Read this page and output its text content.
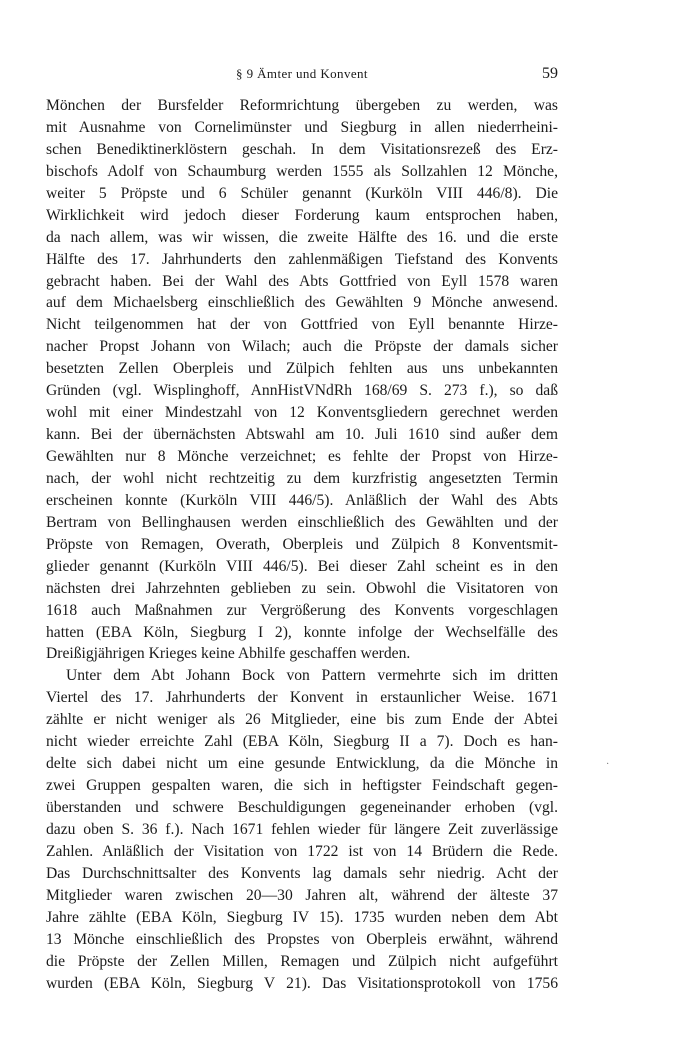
§ 9 Ämter und Konvent	59
Mönchen der Bursfelder Reformrichtung übergeben zu werden, was
mit Ausnahme von Cornelimünster und Siegburg in allen niederrheini-
schen Benediktinerklöstern geschah. In dem Visitationsrezeß des Erz-
bischofs Adolf von Schaumburg werden 1555 als Sollzahlen 12 Mönche,
weiter 5 Pröpste und 6 Schüler genannt (Kurköln VIII 446/8). Die
Wirklichkeit wird jedoch dieser Forderung kaum entsprochen haben,
da nach allem, was wir wissen, die zweite Hälfte des 16. und die erste
Hälfte des 17. Jahrhunderts den zahlenmäßigen Tiefstand des Konvents
gebracht haben. Bei der Wahl des Abts Gottfried von Eyll 1578 waren
auf dem Michaelsberg einschließlich des Gewählten 9 Mönche anwesend.
Nicht teilgenommen hat der von Gottfried von Eyll benannte Hirze-
nacher Propst Johann von Wilach; auch die Pröpste der damals sicher
besetzten Zellen Oberpleis und Zülpich fehlten aus uns unbekannten
Gründen (vgl. Wisplinghoff, AnnHistVNdRh 168/69 S. 273 f.), so daß
wohl mit einer Mindestzahl von 12 Konventsgliedern gerechnet werden
kann. Bei der übernächsten Abtswahl am 10. Juli 1610 sind außer dem
Gewählten nur 8 Mönche verzeichnet; es fehlte der Propst von Hirze-
nach, der wohl nicht rechtzeitig zu dem kurzfristig angesetzten Termin
erscheinen konnte (Kurköln VIII 446/5). Anläßlich der Wahl des Abts
Bertram von Bellinghausen werden einschließlich des Gewählten und der
Pröpste von Remagen, Overath, Oberpleis und Zülpich 8 Konventsmit-
glieder genannt (Kurköln VIII 446/5). Bei dieser Zahl scheint es in den
nächsten drei Jahrzehnten geblieben zu sein. Obwohl die Visitatoren von
1618 auch Maßnahmen zur Vergrößerung des Konvents vorgeschlagen
hatten (EBA Köln, Siegburg I 2), konnte infolge der Wechselfälle des
Dreißigjährigen Krieges keine Abhilfe geschaffen werden.
Unter dem Abt Johann Bock von Pattern vermehrte sich im dritten
Viertel des 17. Jahrhunderts der Konvent in erstaunlicher Weise. 1671
zählte er nicht weniger als 26 Mitglieder, eine bis zum Ende der Abtei
nicht wieder erreichte Zahl (EBA Köln, Siegburg II a 7). Doch es han-
delte sich dabei nicht um eine gesunde Entwicklung, da die Mönche in
zwei Gruppen gespalten waren, die sich in heftigster Feindschaft gegen-
überstanden und schwere Beschuldigungen gegeneinander erhoben (vgl.
dazu oben S. 36 f.). Nach 1671 fehlen wieder für längere Zeit zuverlässige
Zahlen. Anläßlich der Visitation von 1722 ist von 14 Brüdern die Rede.
Das Durchschnittsalter des Konvents lag damals sehr niedrig. Acht der
Mitglieder waren zwischen 20—30 Jahren alt, während der älteste 37
Jahre zählte (EBA Köln, Siegburg IV 15). 1735 wurden neben dem Abt
13 Mönche einschließlich des Propstes von Oberpleis erwähnt, während
die Pröpste der Zellen Millen, Remagen und Zülpich nicht aufgeführt
wurden (EBA Köln, Siegburg V 21). Das Visitationsprotokoll von 1756
·
